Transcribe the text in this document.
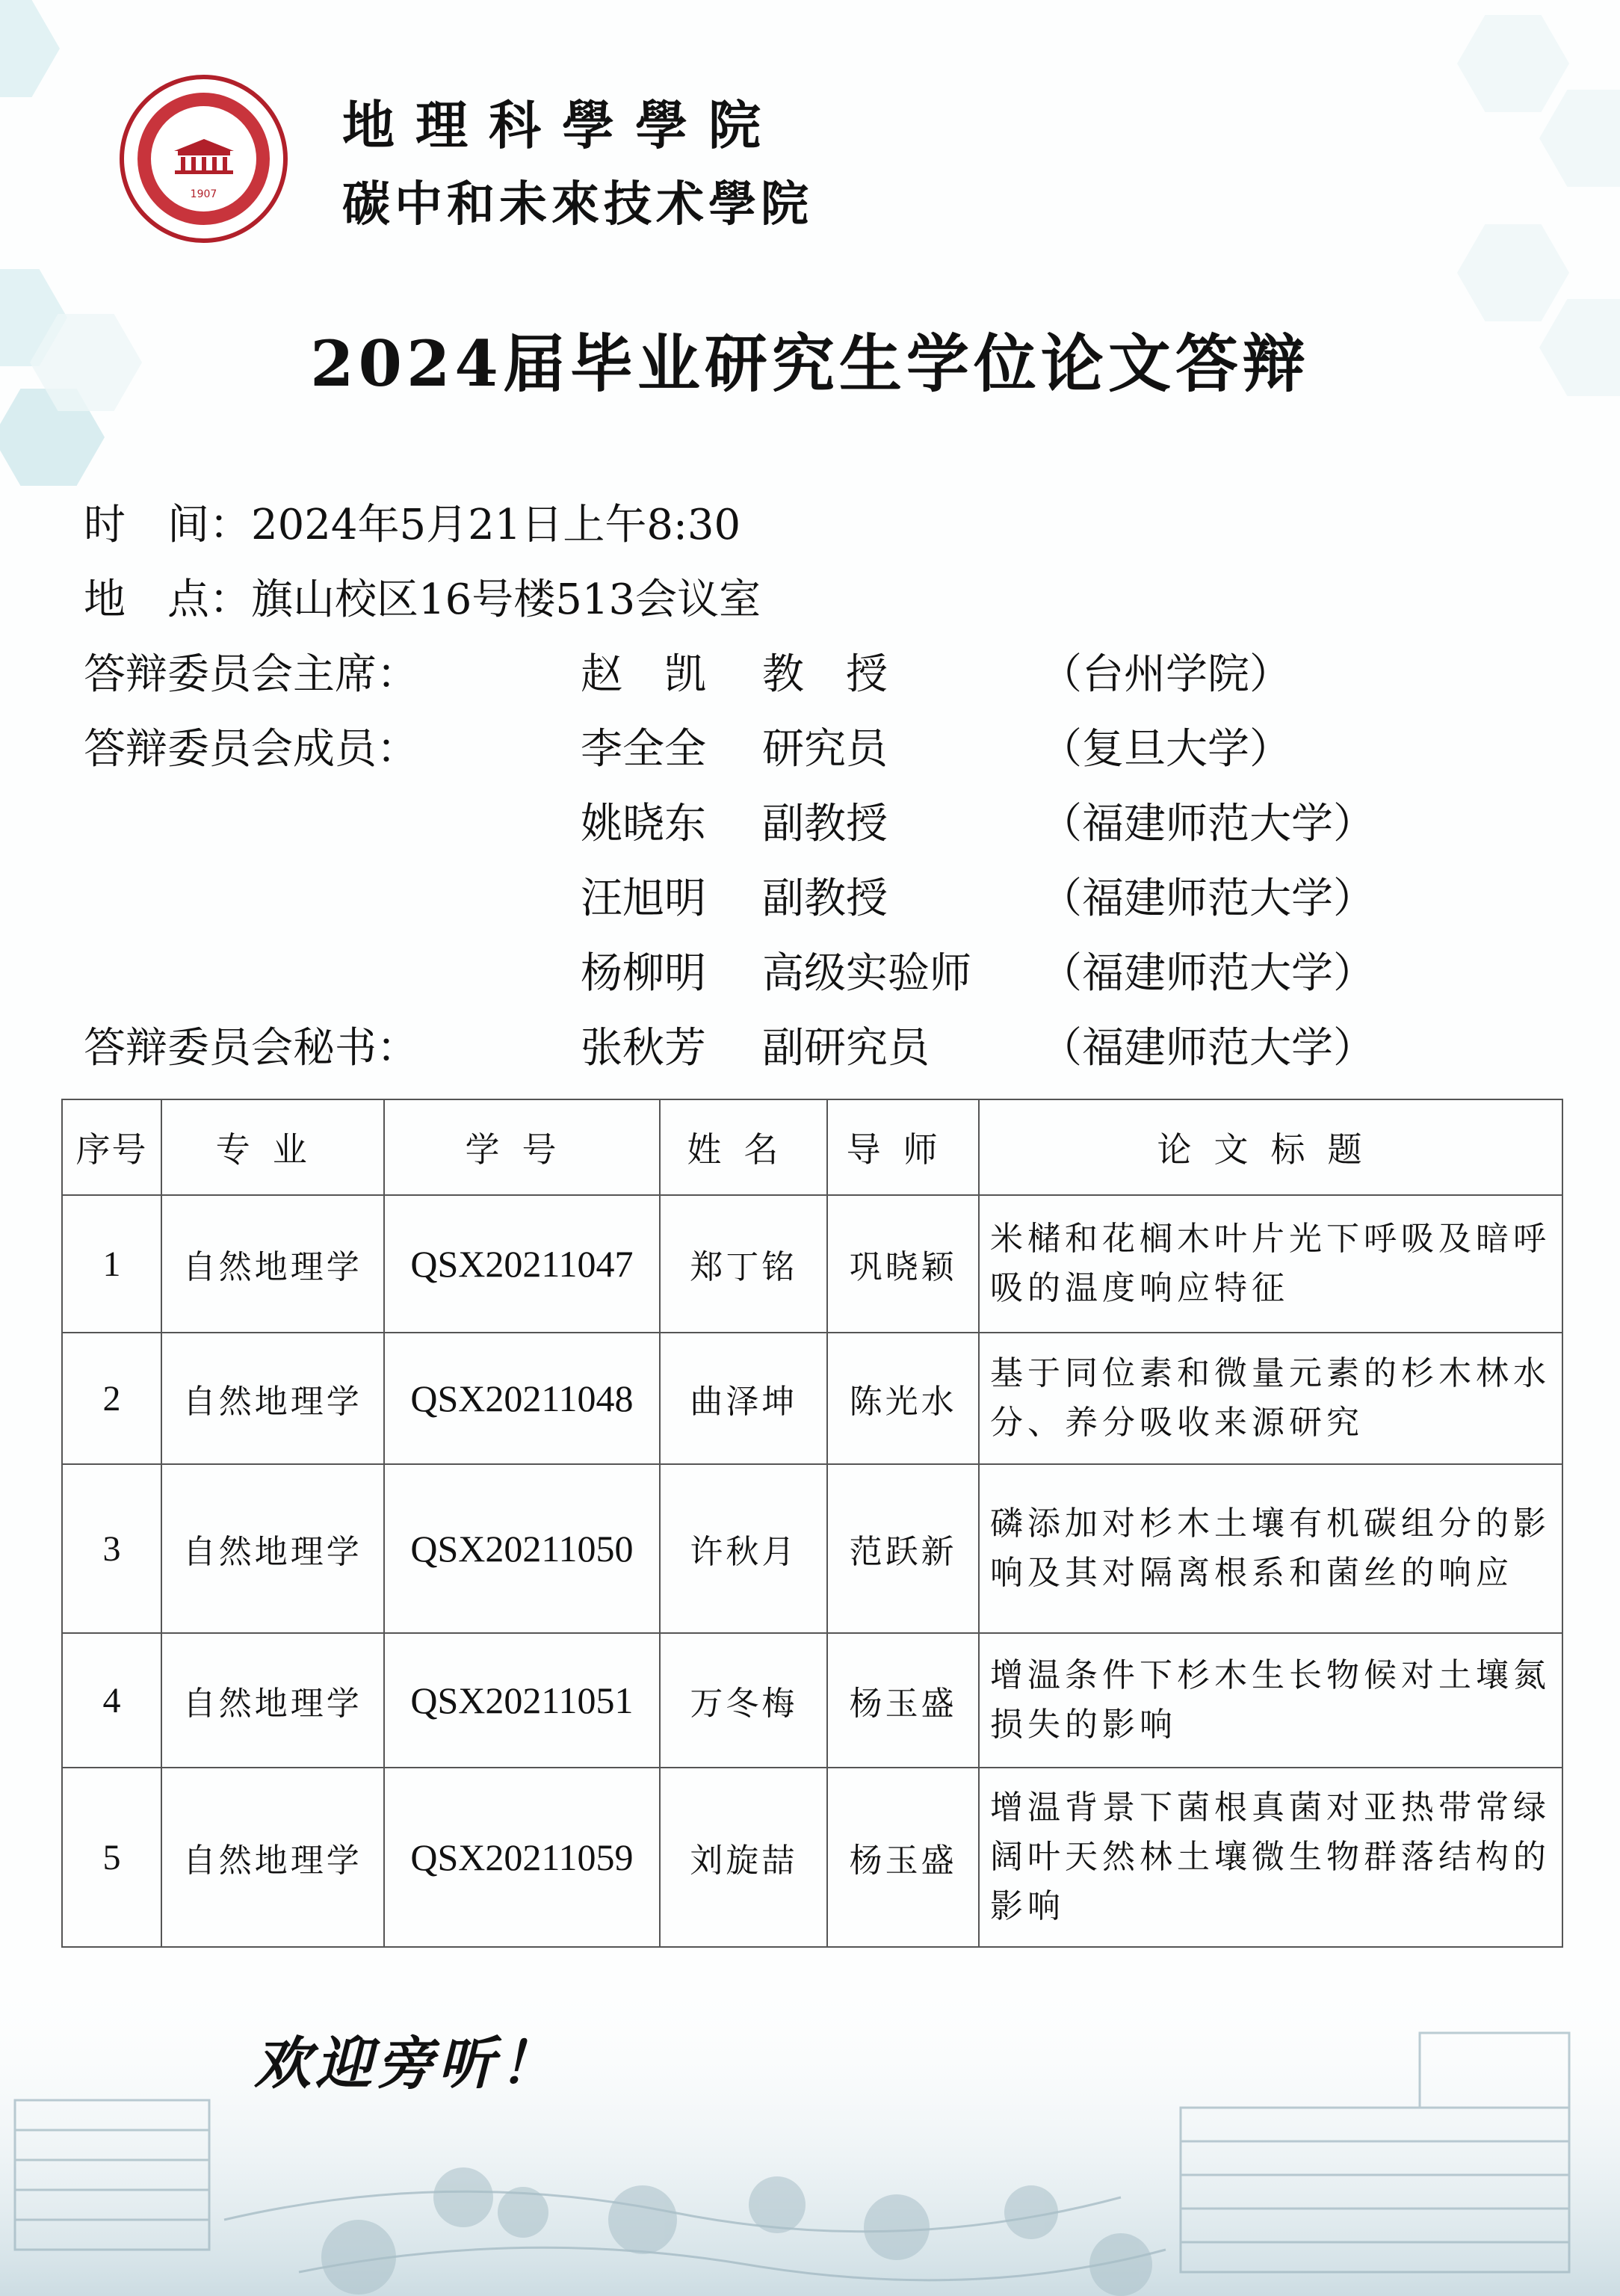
1907
地理科學學院
碳中和未來技术學院
2024届毕业研究生学位论文答辩
时　间：2024年5月21日上午8:30
地　点：旗山校区16号楼513会议室
答辩委员会主席：	赵　凯 教　授	（台州学院）
答辩委员会成员：	李全全 研究员	（复旦大学）
姚晓东 副教授	（福建师范大学）
汪旭明 副教授	（福建师范大学）
杨柳明 高级实验师 （福建师范大学）
答辩委员会秘书：	张秋芳 副研究员	（福建师范大学）
序号	专业	学号	姓名	导师	论文标题
1	自然地理学	QSX20211047	郑丁铭	巩晓颖	米槠和花榈木叶片光下呼吸及暗呼吸的温度响应特征
2	自然地理学	QSX20211048	曲泽坤	陈光水	基于同位素和微量元素的杉木林水分、养分吸收来源研究
3	自然地理学	QSX20211050	许秋月	范跃新	磷添加对杉木土壤有机碳组分的影响及其对隔离根系和菌丝的响应
4	自然地理学	QSX20211051	万冬梅	杨玉盛	增温条件下杉木生长物候对土壤氮损失的影响
5	自然地理学	QSX20211059	刘旋喆	杨玉盛	增温背景下菌根真菌对亚热带常绿阔叶天然林土壤微生物群落结构的影响
欢迎旁听！
